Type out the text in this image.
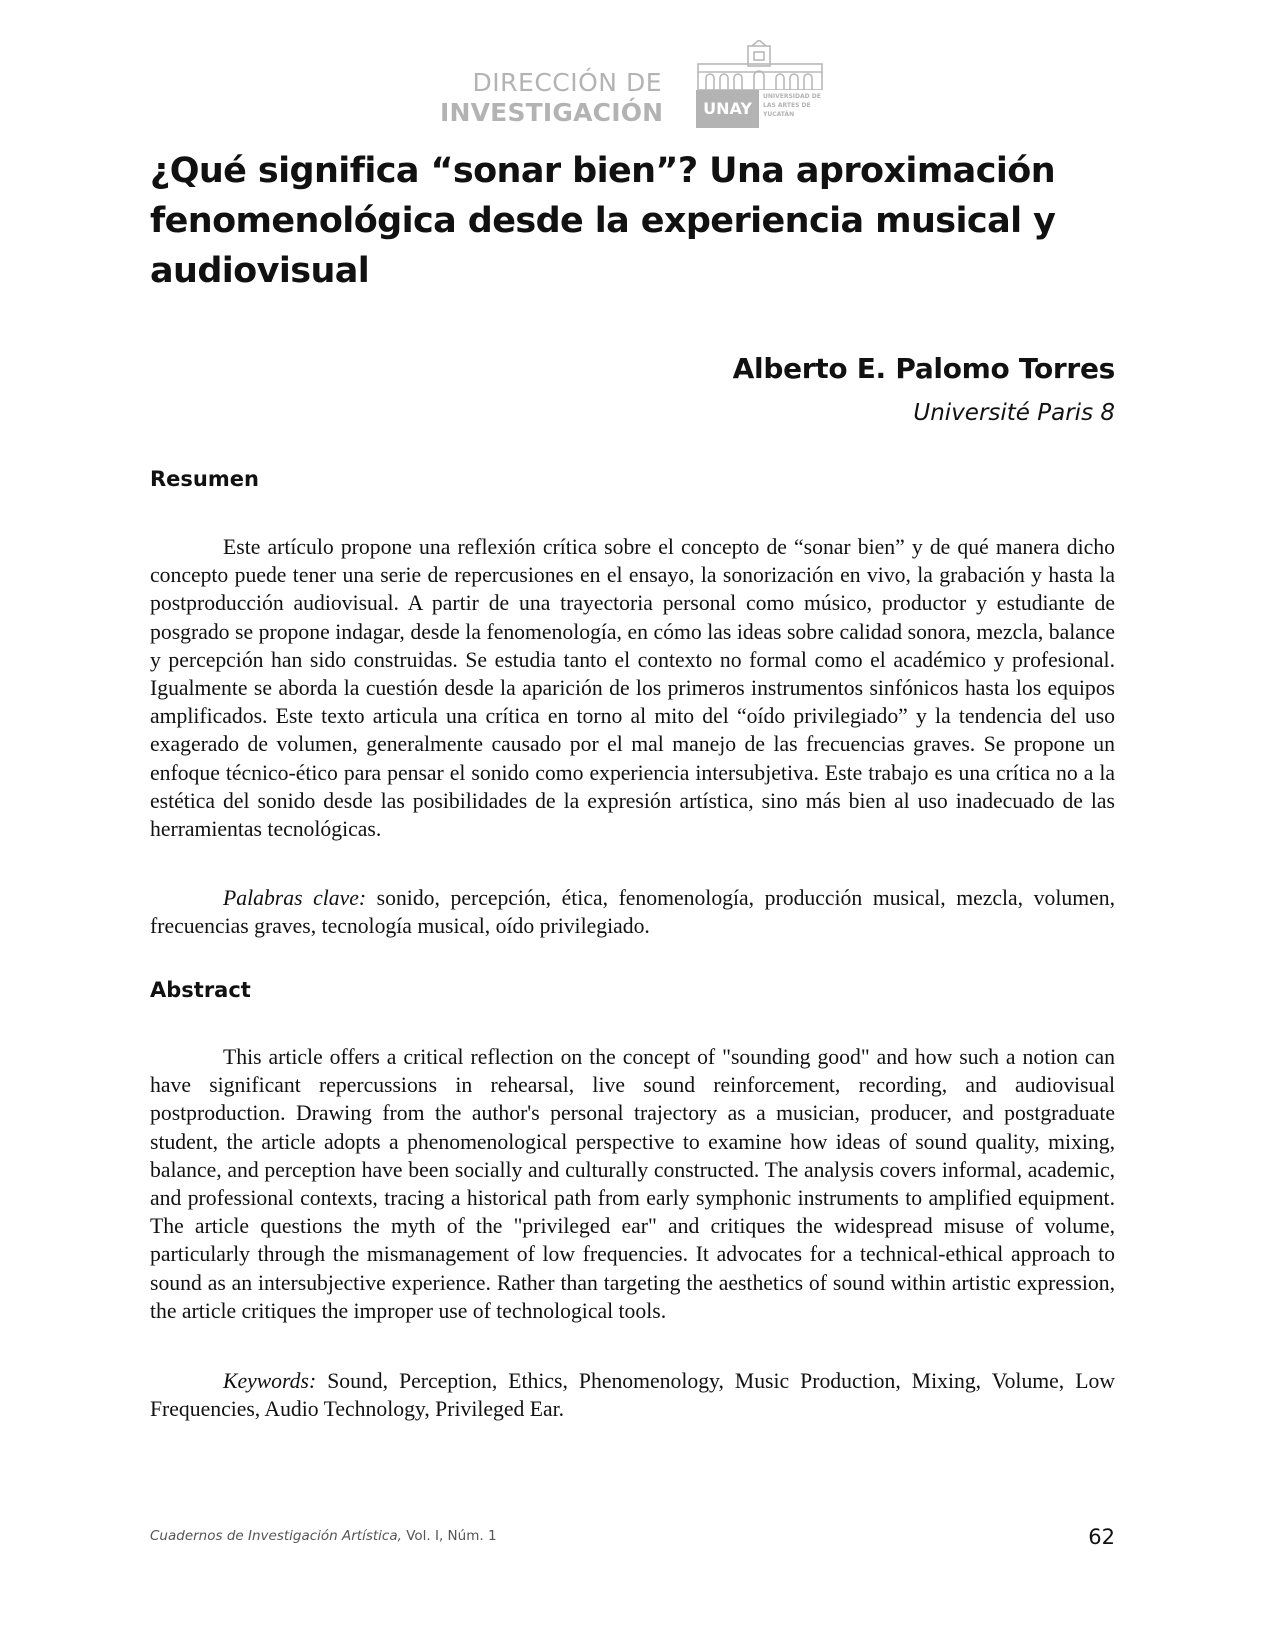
DIRECCIÓN DE
INVESTIGACIÓN	UNAY
UNIVERSIDAD DE LAS ARTES DE YUCATÁN
¿Qué significa “sonar bien”? Una aproximación fenomenológica desde la experiencia musical y audiovisual
Alberto E. Palomo Torres
Université Paris 8
Resumen

Este artículo propone una reflexión crítica sobre el concepto de “sonar bien” y de qué manera dicho concepto puede tener una serie de repercusiones en el ensayo, la sonorización en vivo, la grabación y hasta la postproducción audiovisual. A partir de una trayectoria personal como músico, productor y estudiante de posgrado se propone indagar, desde la fenomenología, en cómo las ideas sobre calidad sonora, mezcla, balance y percepción han sido construidas. Se estudia tanto el contexto no formal como el académico y profesional. Igualmente se aborda la cuestión desde la aparición de los primeros instrumentos sinfónicos hasta los equipos amplificados. Este texto articula una crítica en torno al mito del “oído privilegiado” y la tendencia del uso exagerado de volumen, generalmente causado por el mal manejo de las frecuencias graves. Se propone un enfoque técnico-ético para pensar el sonido como experiencia intersubjetiva. Este trabajo es una crítica no a la estética del sonido desde las posibilidades de la expresión artística, sino más bien al uso inadecuado de las herramientas tecnológicas.

Palabras clave: sonido, percepción, ética, fenomenología, producción musical, mezcla, volumen, frecuencias graves, tecnología musical, oído privilegiado.

Abstract

This article offers a critical reflection on the concept of "sounding good" and how such a notion can have significant repercussions in rehearsal, live sound reinforcement, recording, and audiovisual postproduction. Drawing from the author's personal trajectory as a musician, producer, and postgraduate student, the article adopts a phenomenological perspective to examine how ideas of sound quality, mixing, balance, and perception have been socially and culturally constructed. The analysis covers informal, academic, and professional contexts, tracing a historical path from early symphonic instruments to amplified equipment. The article questions the myth of the "privileged ear" and critiques the widespread misuse of volume, particularly through the mismanagement of low frequencies. It advocates for a technical-ethical approach to sound as an intersubjective experience. Rather than targeting the aesthetics of sound within artistic expression, the article critiques the improper use of technological tools.

Keywords: Sound, Perception, Ethics, Phenomenology, Music Production, Mixing, Volume, Low Frequencies, Audio Technology, Privileged Ear.

Cuadernos de Investigación Artística, Vol. I, Núm. 1	62
